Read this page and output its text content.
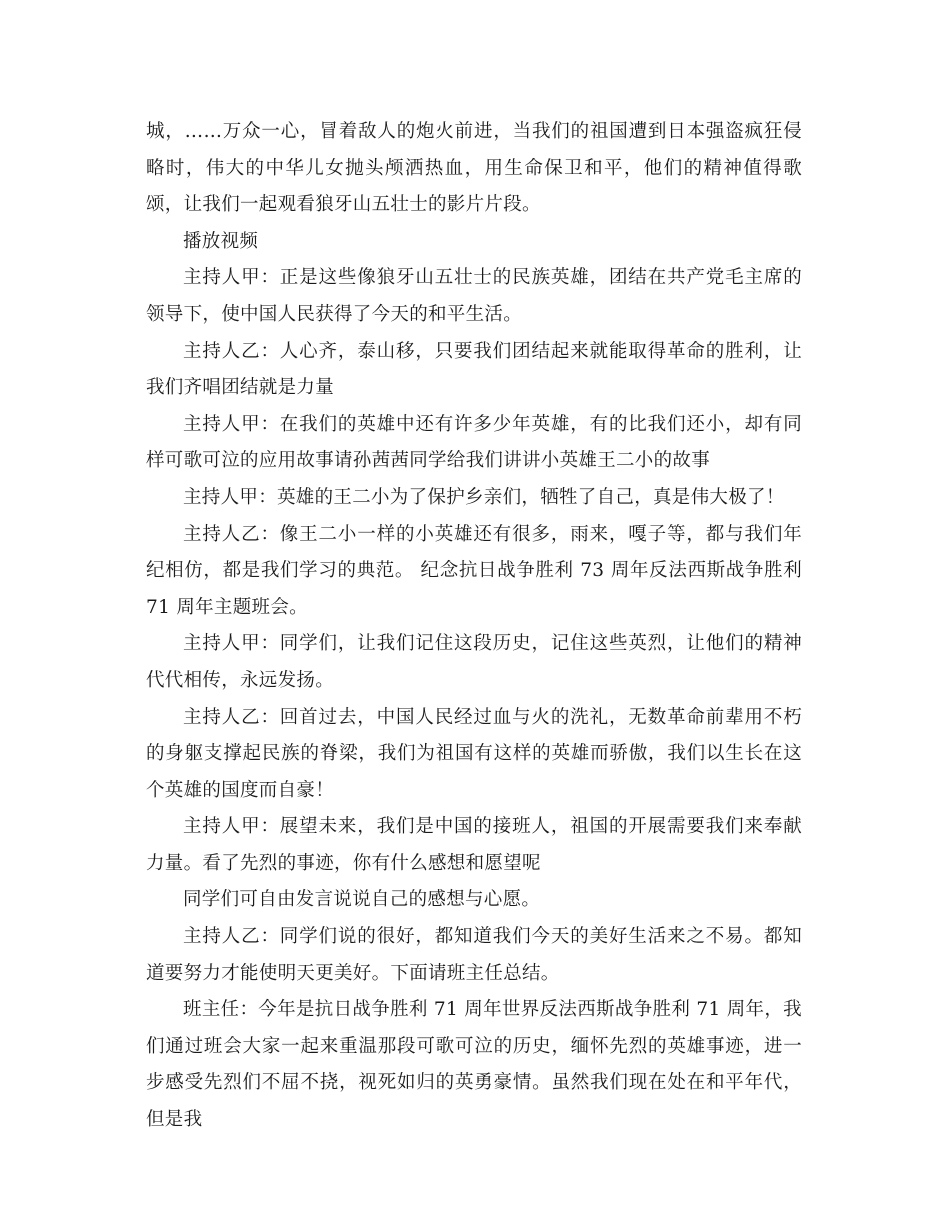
城，……万众一心，冒着敌人的炮火前进，当我们的祖国遭到日本强盗疯狂侵略时，伟大的中华儿女抛头颅洒热血，用生命保卫和平，他们的精神值得歌颂，让我们一起观看狼牙山五壮士的影片片段。

播放视频

主持人甲：正是这些像狼牙山五壮士的民族英雄，团结在共产党毛主席的领导下，使中国人民获得了今天的和平生活。

主持人乙：人心齐，泰山移，只要我们团结起来就能取得革命的胜利，让我们齐唱团结就是力量

主持人甲：在我们的英雄中还有许多少年英雄，有的比我们还小，却有同样可歌可泣的应用故事请孙茜茜同学给我们讲讲小英雄王二小的故事

主持人甲：英雄的王二小为了保护乡亲们，牺牲了自己，真是伟大极了！

主持人乙：像王二小一样的小英雄还有很多，雨来，嘎子等，都与我们年纪相仿，都是我们学习的典范。 纪念抗日战争胜利 73 周年反法西斯战争胜利 71 周年主题班会。

主持人甲：同学们，让我们记住这段历史，记住这些英烈，让他们的精神代代相传，永远发扬。

主持人乙：回首过去，中国人民经过血与火的洗礼，无数革命前辈用不朽的身躯支撑起民族的脊梁，我们为祖国有这样的英雄而骄傲，我们以生长在这个英雄的国度而自豪！

主持人甲：展望未来，我们是中国的接班人，祖国的开展需要我们来奉献力量。看了先烈的事迹，你有什么感想和愿望呢

同学们可自由发言说说自己的感想与心愿。

主持人乙：同学们说的很好，都知道我们今天的美好生活来之不易。都知道要努力才能使明天更美好。下面请班主任总结。

班主任：今年是抗日战争胜利 71 周年世界反法西斯战争胜利 71 周年，我们通过班会大家一起来重温那段可歌可泣的历史，缅怀先烈的英雄事迹，进一步感受先烈们不屈不挠，视死如归的英勇豪情。虽然我们现在处在和平年代，但是我
